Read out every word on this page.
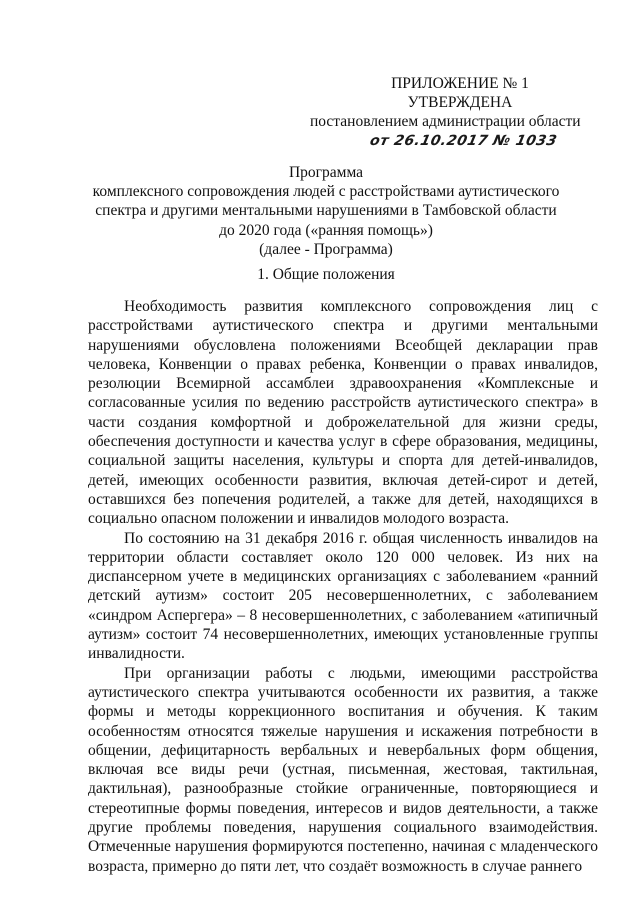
ПРИЛОЖЕНИЕ № 1
УТВЕРЖДЕНА
постановлением администрации области
от 26.10.2017 № 1033
Программа
комплексного сопровождения людей с расстройствами аутистического
спектра и другими ментальными нарушениями в Тамбовской области
до 2020 года («ранняя помощь»)
(далее - Программа)
1. Общие положения

Необходимость развития комплексного сопровождения лиц с расстройствами аутистического спектра и другими ментальными нарушениями обусловлена положениями Всеобщей декларации прав человека, Конвенции о правах ребенка, Конвенции о правах инвалидов, резолюции Всемирной ассамблеи здравоохранения «Комплексные и согласованные усилия по ведению расстройств аутистического спектра» в части создания комфортной и доброжелательной для жизни среды, обеспечения доступности и качества услуг в сфере образования, медицины, социальной защиты населения, культуры и спорта для детей-инвалидов, детей, имеющих особенности развития, включая детей-сирот и детей, оставшихся без попечения родителей, а также для детей, находящихся в социально опасном положении и инвалидов молодого возраста.

По состоянию на 31 декабря 2016 г. общая численность инвалидов на территории области составляет около 120 000 человек. Из них на диспансерном учете в медицинских организациях с заболеванием «ранний детский аутизм» состоит 205 несовершеннолетних, с заболеванием «синдром Аспергера» – 8 несовершеннолетних, с заболеванием «атипичный аутизм» состоит 74 несовершеннолетних, имеющих установленные группы инвалидности.

При организации работы с людьми, имеющими расстройства аутистического спектра учитываются особенности их развития, а также формы и методы коррекционного воспитания и обучения. К таким особенностям относятся тяжелые нарушения и искажения потребности в общении, дефицитарность вербальных и невербальных форм общения, включая все виды речи (устная, письменная, жестовая, тактильная, дактильная), разнообразные стойкие ограниченные, повторяющиеся и стереотипные формы поведения, интересов и видов деятельности, а также другие проблемы поведения, нарушения социального взаимодействия. Отмеченные нарушения формируются постепенно, начиная с младенческого возраста, примерно до пяти лет, что создаёт возможность в случае раннего
